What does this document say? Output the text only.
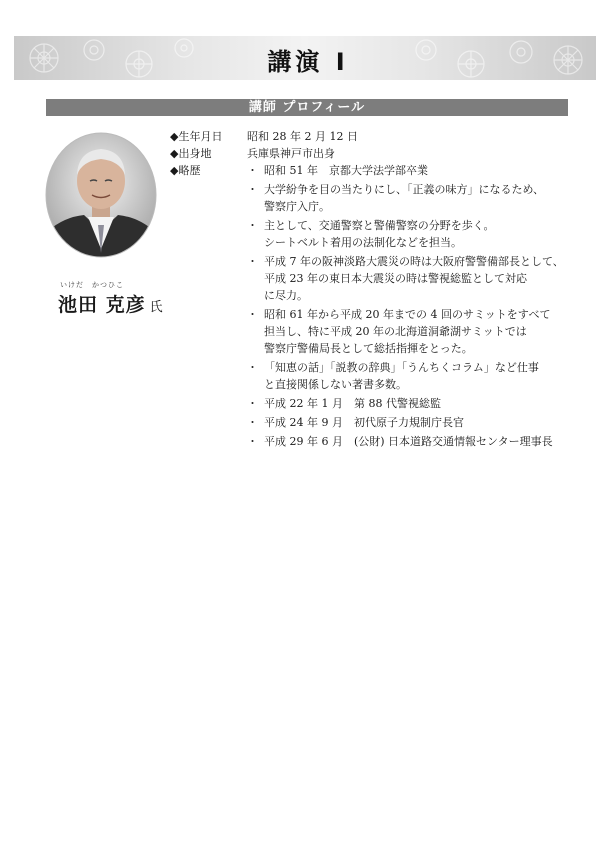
講演 I
講師 プロフィール
いけだ　かつひこ
池田 克彦 氏
◆生年月日 昭和 28 年 2 月 12 日
◆出身地	兵庫県神戸市出身
◆略歴	・ 昭和 51 年　京都大学法学部卒業
・ 大学紛争を目の当たりにし、「正義の味方」になるため、
警察庁入庁。
・ 主として、交通警察と警備警察の分野を歩く。
シートベルト着用の法制化などを担当。
・ 平成 7 年の阪神淡路大震災の時は大阪府警警備部長として、
平成 23 年の東日本大震災の時は警視総監として対応
に尽力。
・ 昭和 61 年から平成 20 年までの 4 回のサミットをすべて
担当し、特に平成 20 年の北海道洞爺湖サミットでは
警察庁警備局長として総括指揮をとった。
・ 「知恵の話」「説教の辞典」「うんちくコラム」など仕事
と直接関係しない著書多数。
・ 平成 22 年 1 月　第 88 代警視総監
・ 平成 24 年 9 月　初代原子力規制庁長官
・ 平成 29 年 6 月　(公財) 日本道路交通情報センター理事長
